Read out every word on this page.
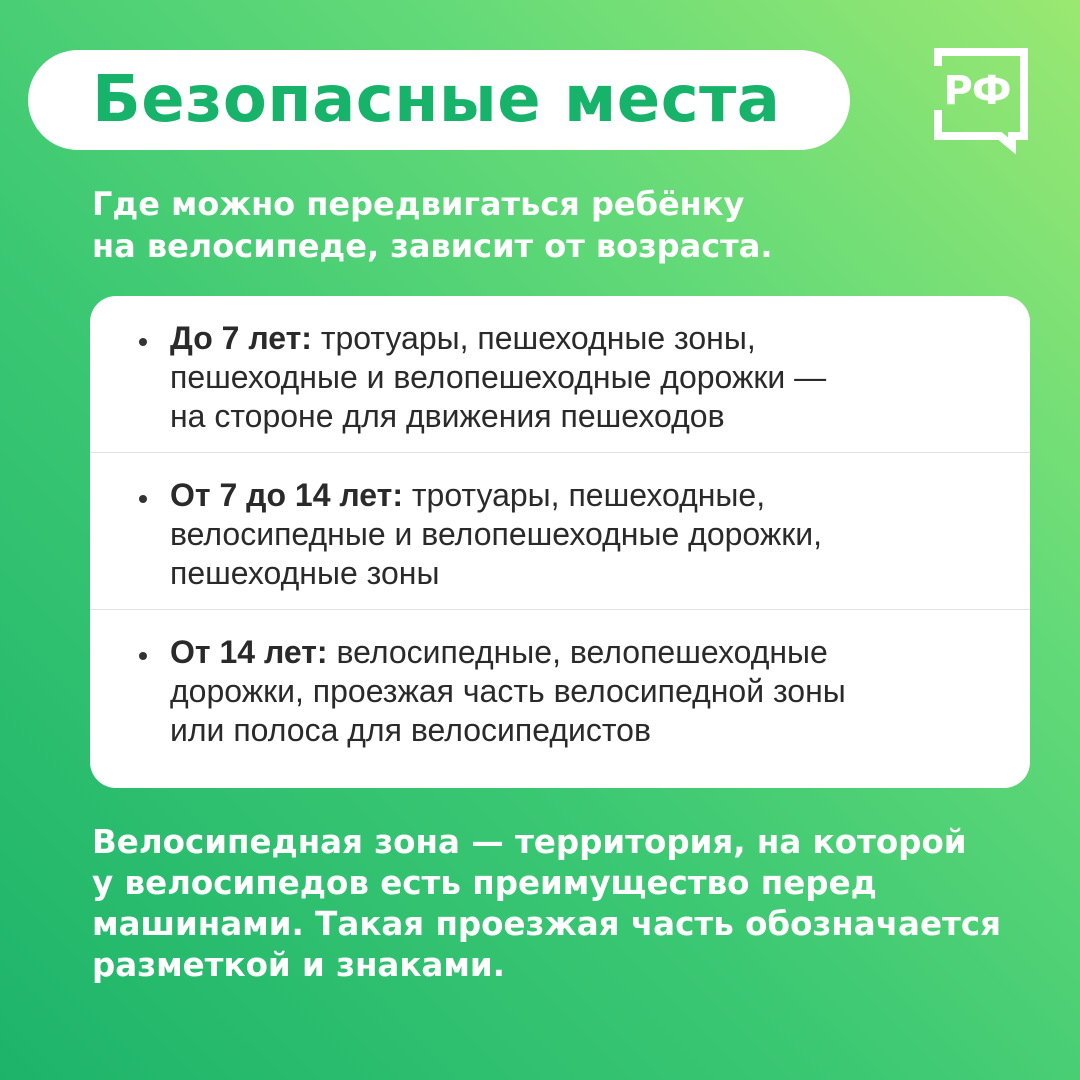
Безопасные места	РФ
Где можно передвигаться ребёнку
на велосипеде, зависит от возраста.
До 7 лет: тротуары, пешеходные зоны,
пешеходные и велопешеходные дорожки —
на стороне для движения пешеходов
От 7 до 14 лет: тротуары, пешеходные,
велосипедные и велопешеходные дорожки,
пешеходные зоны
От 14 лет: велосипедные, велопешеходные
дорожки, проезжая часть велосипедной зоны
или полоса для велосипедистов
Велосипедная зона — территория, на которой
у велосипедов есть преимущество перед
машинами. Такая проезжая часть обозначается
разметкой и знаками.
